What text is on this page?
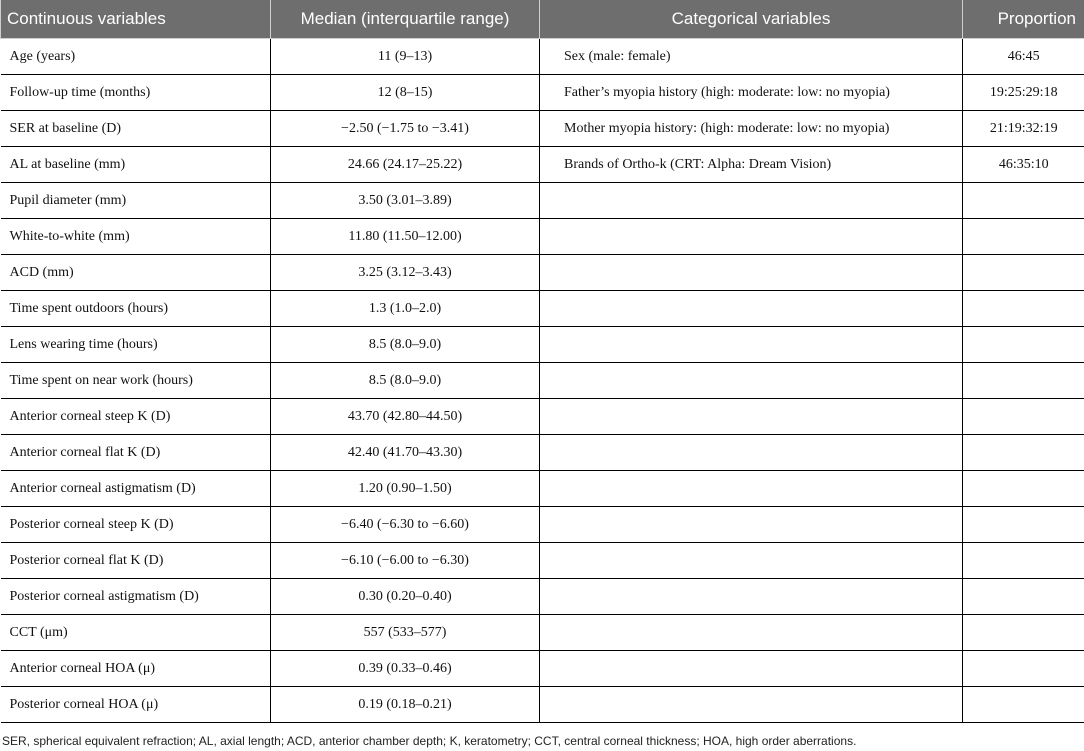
Continuous variables	Median (interquartile range)	Categorical variables	Proportion
Age (years)	11 (9–13)	Sex (male: female)	46:45
Follow-up time (months)	12 (8–15)	Father’s myopia history (high: moderate: low: no myopia)	19:25:29:18
SER at baseline (D)	−2.50 (−1.75 to −3.41)	Mother myopia history: (high: moderate: low: no myopia)	21:19:32:19
AL at baseline (mm)	24.66 (24.17–25.22)	Brands of Ortho-k (CRT: Alpha: Dream Vision)	46:35:10
Pupil diameter (mm)	3.50 (3.01–3.89)		
White-to-white (mm)	11.80 (11.50–12.00)		
ACD (mm)	3.25 (3.12–3.43)		
Time spent outdoors (hours)	1.3 (1.0–2.0)		
Lens wearing time (hours)	8.5 (8.0–9.0)		
Time spent on near work (hours)	8.5 (8.0–9.0)		
Anterior corneal steep K (D)	43.70 (42.80–44.50)		
Anterior corneal flat K (D)	42.40 (41.70–43.30)		
Anterior corneal astigmatism (D)	1.20 (0.90–1.50)		
Posterior corneal steep K (D)	−6.40 (−6.30 to −6.60)		
Posterior corneal flat K (D)	−6.10 (−6.00 to −6.30)		
Posterior corneal astigmatism (D)	0.30 (0.20–0.40)		
CCT (μm)	557 (533–577)		
Anterior corneal HOA (μ)	0.39 (0.33–0.46)		
Posterior corneal HOA (μ)	0.19 (0.18–0.21)		

SER, spherical equivalent refraction; AL, axial length; ACD, anterior chamber depth; K, keratometry; CCT, central corneal thickness; HOA, high order aberrations.
